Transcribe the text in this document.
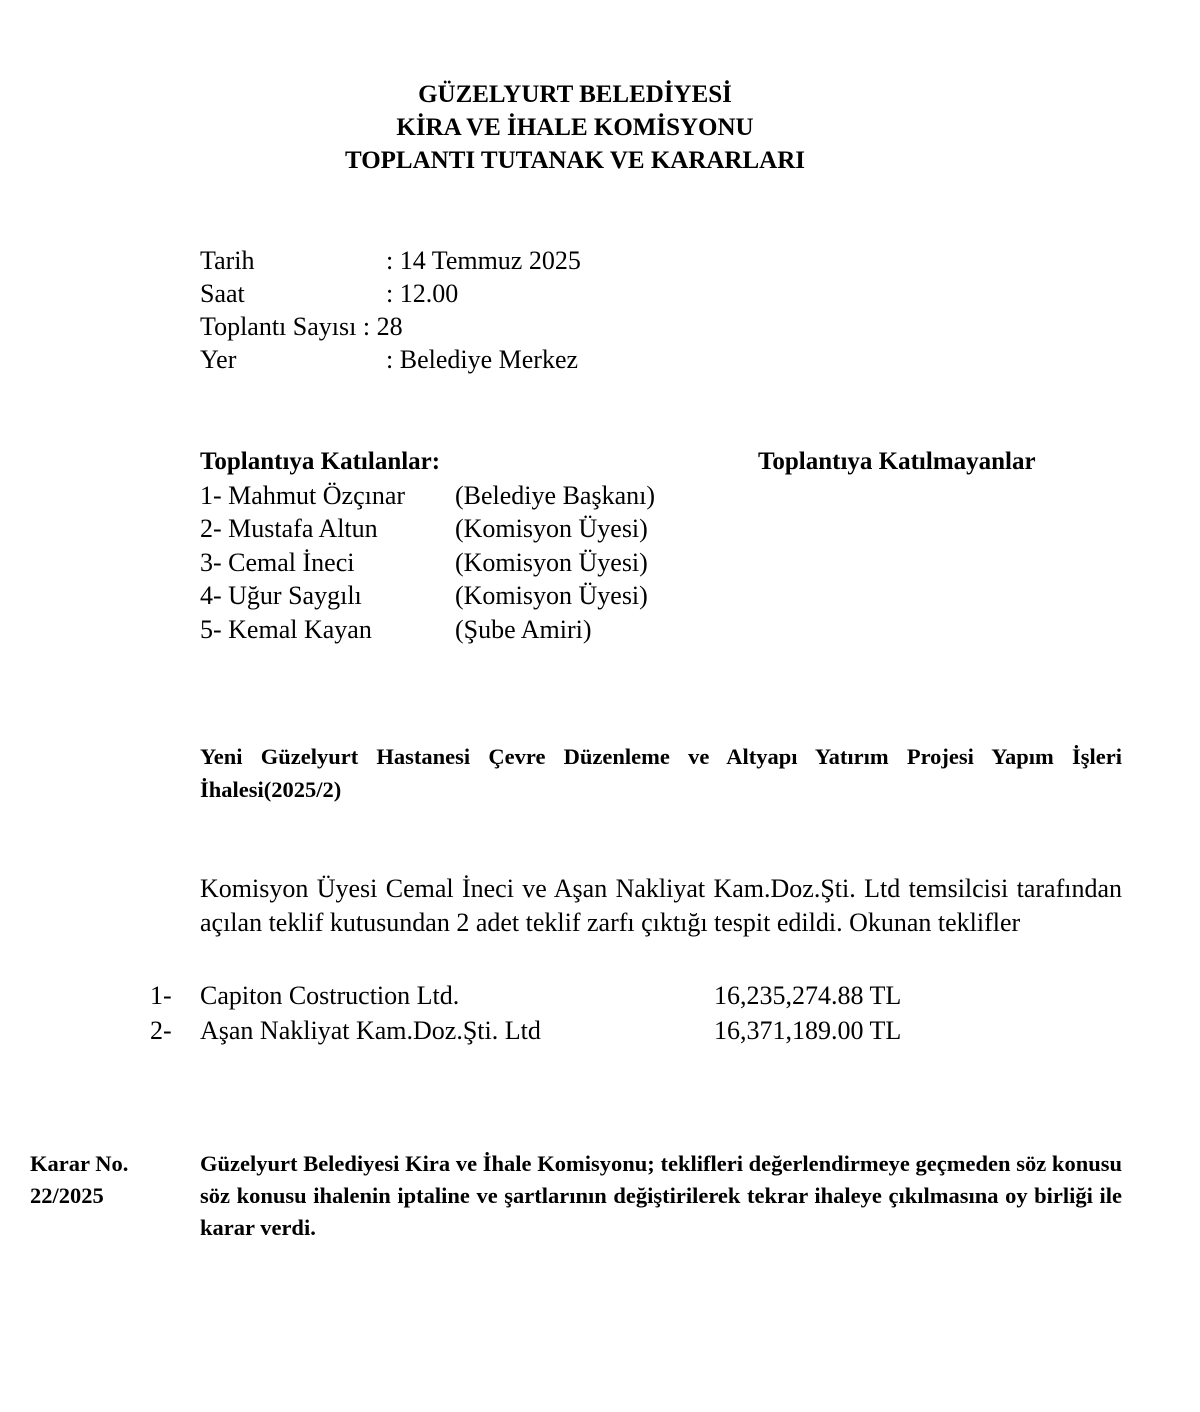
GÜZELYURT BELEDİYESİ
KİRA VE İHALE KOMİSYONU
TOPLANTI TUTANAK VE KARARLARI
Tarih	: 14 Temmuz 2025
Saat	: 12.00
Toplantı Sayısı : 28
Yer	: Belediye Merkez
Toplantıya Katılanlar:
1- Mahmut Özçınar	(Belediye Başkanı)
2- Mustafa Altun	(Komisyon Üyesi)
3- Cemal İneci	(Komisyon Üyesi)
4- Uğur Saygılı	(Komisyon Üyesi)
5- Kemal Kayan	(Şube Amiri)
Toplantıya Katılmayanlar
Yeni Güzelyurt Hastanesi Çevre Düzenleme ve Altyapı Yatırım Projesi Yapım İşleri İhalesi(2025/2)
Komisyon Üyesi Cemal İneci ve Aşan Nakliyat Kam.Doz.Şti. Ltd temsilcisi tarafından açılan teklif kutusundan 2 adet teklif zarfı çıktığı tespit edildi. Okunan teklifler
1-	Capiton Costruction Ltd.	16,235,274.88 TL
2-	Aşan Nakliyat Kam.Doz.Şti. Ltd	16,371,189.00 TL
Karar No.
22/2025
Güzelyurt Belediyesi Kira ve İhale Komisyonu; teklifleri değerlendirmeye geçmeden söz konusu söz konusu ihalenin iptaline ve şartlarının değiştirilerek tekrar ihaleye çıkılmasına oy birliği ile karar verdi.
